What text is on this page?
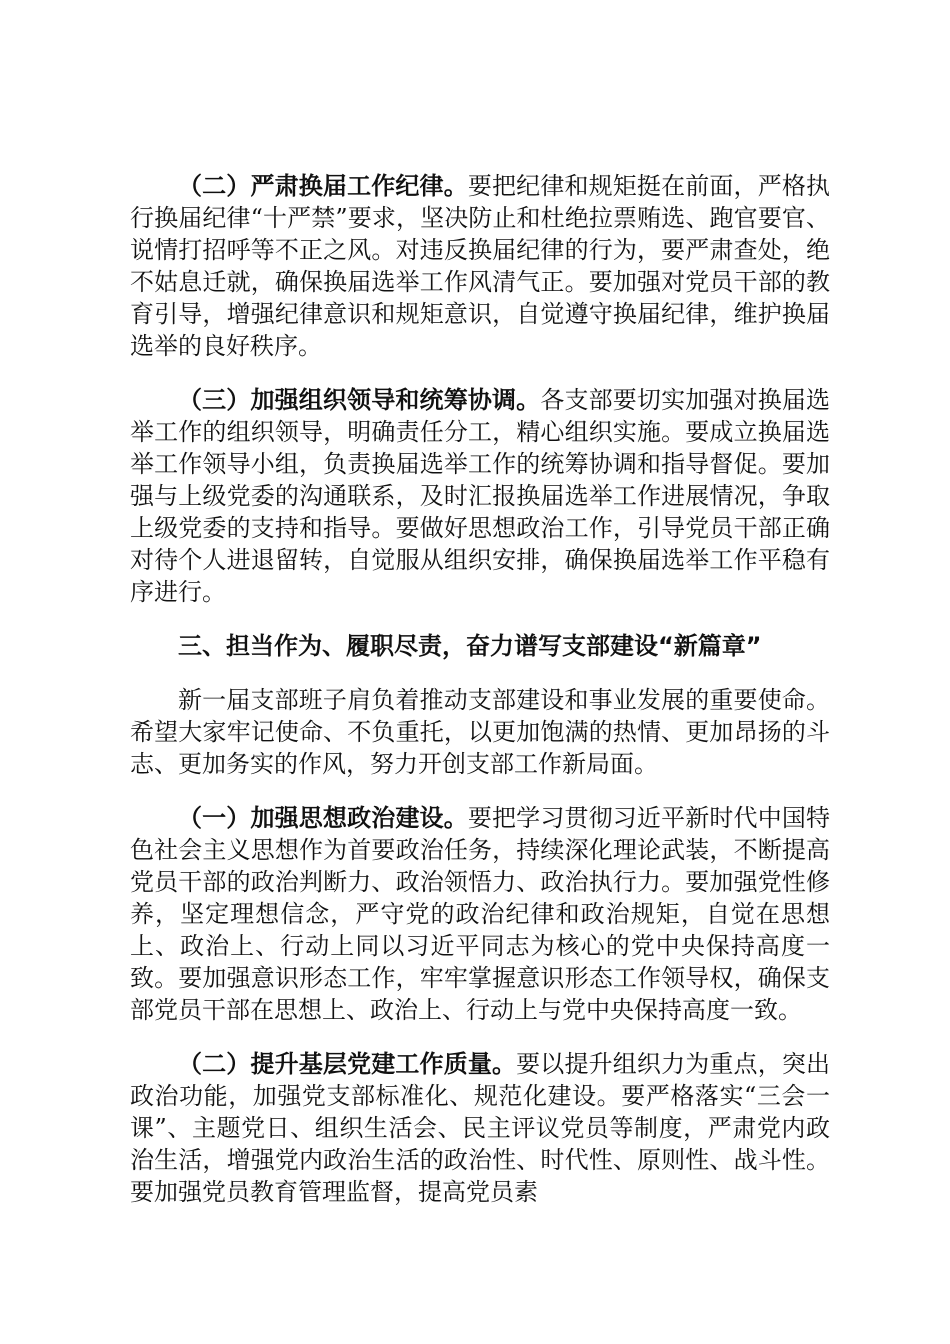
（二）严肃换届工作纪律。要把纪律和规矩挺在前面，严格执行换届纪律“十严禁”要求，坚决防止和杜绝拉票贿选、跑官要官、说情打招呼等不正之风。对违反换届纪律的行为，要严肃查处，绝不姑息迁就，确保换届选举工作风清气正。要加强对党员干部的教育引导，增强纪律意识和规矩意识，自觉遵守换届纪律，维护换届选举的良好秩序。

（三）加强组织领导和统筹协调。各支部要切实加强对换届选举工作的组织领导，明确责任分工，精心组织实施。要成立换届选举工作领导小组，负责换届选举工作的统筹协调和指导督促。要加强与上级党委的沟通联系，及时汇报换届选举工作进展情况，争取上级党委的支持和指导。要做好思想政治工作，引导党员干部正确对待个人进退留转，自觉服从组织安排，确保换届选举工作平稳有序进行。

三、担当作为、履职尽责，奋力谱写支部建设“新篇章”

新一届支部班子肩负着推动支部建设和事业发展的重要使命。希望大家牢记使命、不负重托，以更加饱满的热情、更加昂扬的斗志、更加务实的作风，努力开创支部工作新局面。

（一）加强思想政治建设。要把学习贯彻习近平新时代中国特色社会主义思想作为首要政治任务，持续深化理论武装，不断提高党员干部的政治判断力、政治领悟力、政治执行力。要加强党性修养，坚定理想信念，严守党的政治纪律和政治规矩，自觉在思想上、政治上、行动上同以习近平同志为核心的党中央保持高度一致。要加强意识形态工作，牢牢掌握意识形态工作领导权，确保支部党员干部在思想上、政治上、行动上与党中央保持高度一致。

（二）提升基层党建工作质量。要以提升组织力为重点，突出政治功能，加强党支部标准化、规范化建设。要严格落实“三会一课”、主题党日、组织生活会、民主评议党员等制度，严肃党内政治生活，增强党内政治生活的政治性、时代性、原则性、战斗性。要加强党员教育管理监督，提高党员素
